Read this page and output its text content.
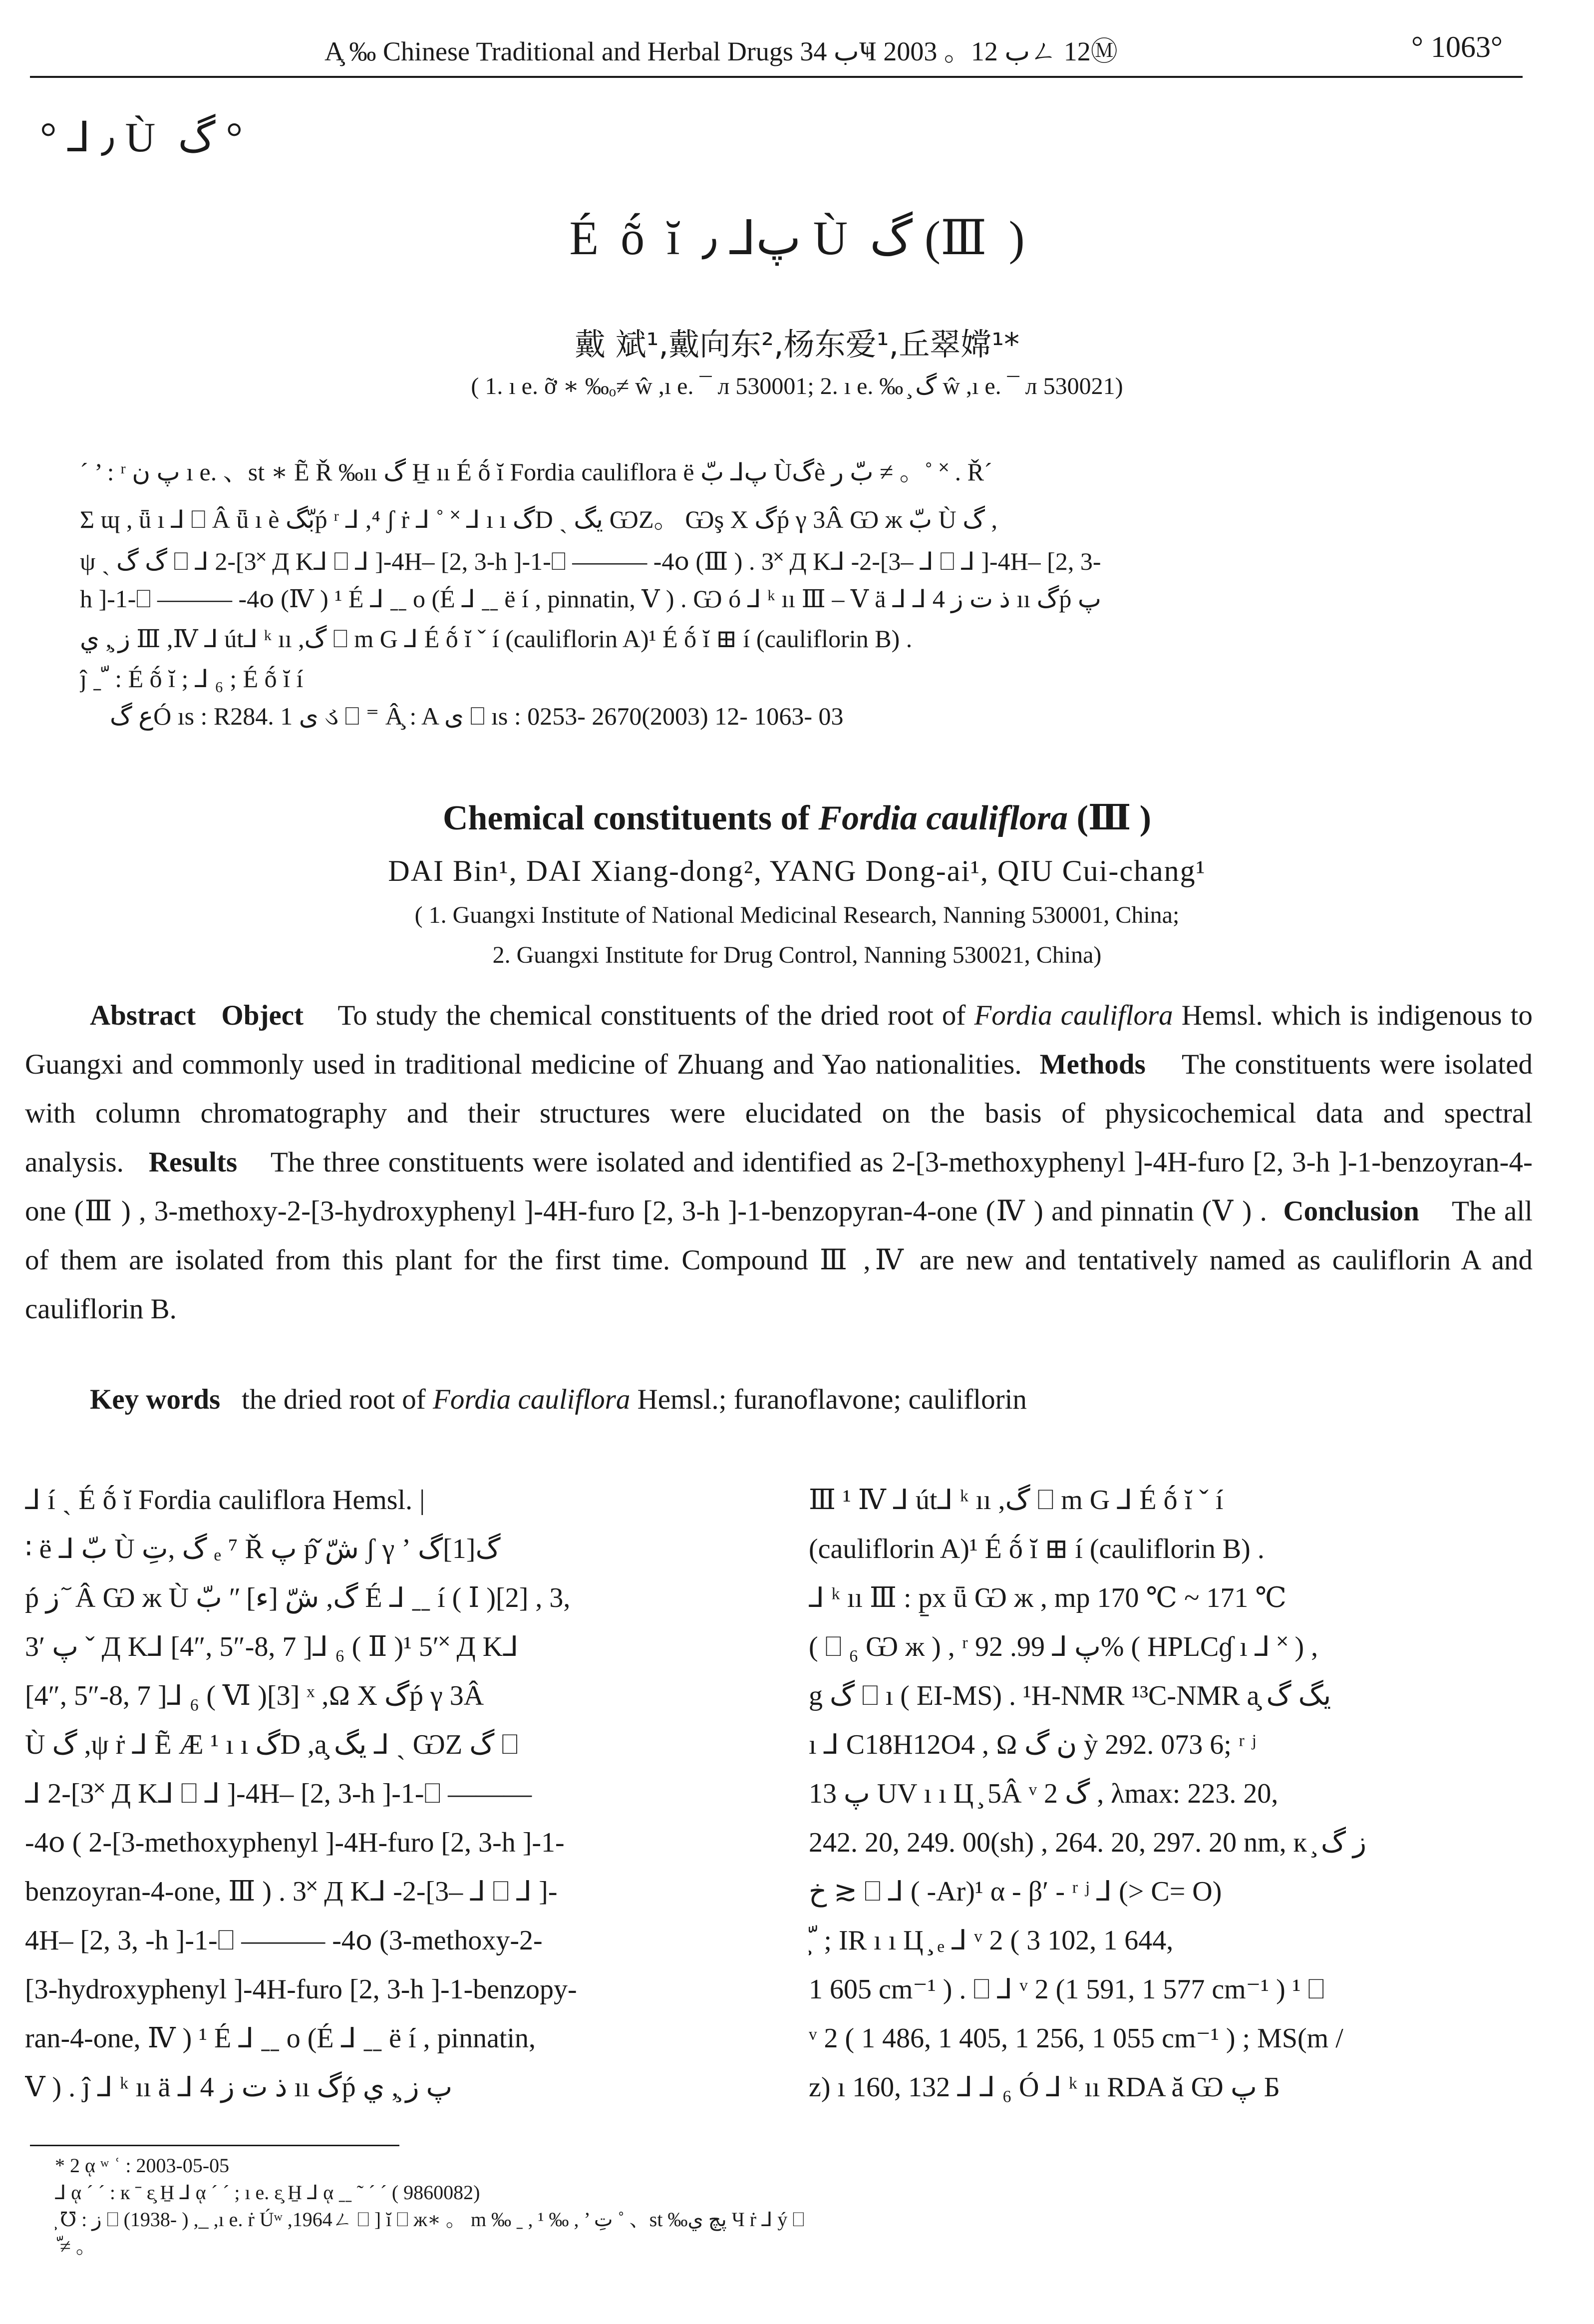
A̧ ‰ Chinese Traditional and Herbal Drugs ب 34Ҹ ب 12。 2003ㄥ 12Ⓜ	° 1063°
° ⅃ ٫ Ù گ °
É ṍ ĭ پ⅃ ٫ Ù گ (Ⅲ )
戴 斌¹,戴向东²,杨东爱¹,丘翠嫦¹*
( 1. ı e. ỡ ∗ ‰ₒ≠ ŵ ,ı e. ¯ л 530001; 2. ı e. ‰ ̧ گ ŵ ,ı e. ¯ л 530021)
´ ’ : ʳ پ ن ı e. 、st ∗ Ẽ Ř ‰ıı گ H̱ ıı É ṍ ĭ Fordia cauliflora ë پ⅃ بّ Ùگè بّّ ر ≠ 。˚ ˟ . Ř´
Σ ɰ , ǖ ı ⅃ ⎕ Â ǖ ı è بّگṕ ʳ ⅃ ,⁴ ʃ ṙ ⅃ ˚ ˟ ⅃ ı ı گD ˏ يگ ѠZ。 Ѡş Х گṕ γ 3Â Ѡ ж بّ Ù گ ,
ψ ˏ گ گ ⎕ ⅃ 2-[3˟ Д K⅃ ⎕ ⅃ ]-4H– [2, 3-h ]-1-⎕ ——— -4օ (Ⅲ ) . 3˟ Д K⅃ -2-[3– ⅃ ⎕ ⅃ ]-4H– [2, 3-
h ]-1-⎕ ——— -4օ (Ⅳ ) ¹ É ⅃ ˍˍ o (É ⅃ ˍˍ ë í , pinnatin, Ⅴ ) . Ѡ ó ⅃ ᵏ ıı Ⅲ – Ⅴ ä ⅃ ⅃ 4 ذ ت ز ıı گṕ پ
ز ̧, ي Ⅲ ,Ⅳ ⅃ út⅃ ᵏ ıı ,گ ⎕ m G ⅃ É ṍ ĭ ˇ í (cauliflorin A)¹ É ṍ ĭ ⊞ í (cauliflorin B) .
ĵ ˍ ّ : É ṍ ĭ ; ⅃ ₆ ; É ṍ ĭ í
ع گÓ ıs : R284. 1 ى ડ ⎕ ⁼ Â̧ : A ى ⎕ ıs : 0253- 2670(2003) 12- 1063- 03
Chemical constituents of Fordia cauliflora (Ⅲ )
DAI Bin¹, DAI Xiang-dong², YANG Dong-ai¹, QIU Cui-chang¹
( 1. Guangxi Institute of National Medicinal Research, Nanning 530001, China;
2. Guangxi Institute for Drug Control, Nanning 530021, China)
Abstract Object To study the chemical constituents of the dried root of Fordia cauliflora Hemsl. which is indigenous to Guangxi and commonly used in traditional medicine of Zhuang and Yao nationalities. Methods The constituents were isolated with column chromatography and their structures were elucidated on the basis of physicochemical data and spectral analysis. Results The three constituents were isolated and identified as 2-[3-methoxyphenyl ]-4H-furo [2, 3-h ]-1-benzoyran-4-one (Ⅲ ) , 3-methoxy-2-[3-hydroxyphenyl ]-4H-furo [2, 3-h ]-1-benzopyran-4-one (Ⅳ ) and pinnatin (Ⅴ ) . Conclusion The all of them are isolated from this plant for the first time. Compound Ⅲ ,Ⅳ are new and tentatively named as cauliflorin A and cauliflorin B.
Key words the dried root of Fordia cauliflora Hemsl.; furanoflavone; cauliflorin
⅃ í ˏ É ṍ ĭ Fordia cauliflora Hemsl. |
∶ ë ⅃ بّ Ù گ ,تِ ₑ ⁷ Ř پ ṕ̌ شّ ʃ γ ʼ گ[1]گ
ṕ ز ٓ Â Ѡ ж Ù گ, شّ [ء] ʺ بّ É ⅃ ˍˍ í ( Ⅰ )[2] , 3,
3′ پ ˇ Д K⅃ [4″, 5″-8, 7 ]⅃ ₆ ( Ⅱ )¹ 5′˟ Д K⅃
[4″, 5″-8, 7 ]⅃ ₆ ( Ⅵ )[3] ˣ ,Ω Х گṕ γ 3Â
Ù گ ,ψ ṙ ⅃ Ẽ Æ ¹ ı ı گD ,a̧ يگ ⅃ ˏ ѠZ گ ⎕
⅃ 2-[3˟ Д K⅃ ⎕ ⅃ ]-4H– [2, 3-h ]-1-⎕ ———
-4օ ( 2-[3-methoxyphenyl ]-4H-furo [2, 3-h ]-1-
benzoyran-4-one, Ⅲ ) . 3˟ Д K⅃ -2-[3– ⅃ ⎕ ⅃ ]-
4H– [2, 3, -h ]-1-⎕ ——— -4օ (3-methoxy-2-
[3-hydroxyphenyl ]-4H-furo [2, 3-h ]-1-benzopy-
ran-4-one, Ⅳ ) ¹ É ⅃ ˍˍ o (É ⅃ ˍˍ ë í , pinnatin,
Ⅴ ) . ĵ ⅃ ᵏ ıı ä ⅃ 4 ذ ت ز ıı گṕ پ ز ̧, ي
Ⅲ ¹ Ⅳ ⅃ út⅃ ᵏ ıı ,گ ⎕ m G ⅃ É ṍ ĭ ˇ í
(cauliflorin A)¹ É ṍ ĭ ⊞ í (cauliflorin B) .
⅃ ᵏ ıı Ⅲ : p̱x ǖ Ѡ ж , mp 170 ℃ ~ 171 ℃
( ⎕ ₆ Ѡ ж ) , ʳ پ ⅃ 99. 92% ( HPLCɠ ı ⅃ ˟ ) ,
g گ ⎕ ı ( EI-MS) . ¹H-NMR ¹³C-NMR a̧ يگ گ
ı ⅃ C18H12O4 , Ω ن گ ỳ 292. 073 6; ʳ ʲ
پ 13 UV ı ı Ц ̧ 5Â ᵛ 2 گ , λmax: 223. 20,
242. 20, 249. 00(sh) , 264. 20, 297. 20 nm, к ̧ ز گ
خ ≳ ⎕ ⅃ ( -Ar)¹ α - β′ - ʳ ʲ ⅃ (> C= O)
̧ ّ ; IR ı ı Ц ̧ ₑ ⅃ ᵛ 2 ( 3 102, 1 644,
1 605 cm⁻¹ ) . ⎕ ⅃ ᵛ 2 (1 591, 1 577 cm⁻¹ ) ¹ ⎕
ᵛ 2 ( 1 486, 1 405, 1 256, 1 055 cm⁻¹ ) ; MS(m /
z) ı 160, 132 ⅃ ⅃ ₆ Ó ⅃ ᵏ ıı RDA ă Ѡ پ Б
* 2 ᾳ ʷ ʿ : 2003-05-05
⅃ ᾳ ´ ´ : к ˉ ɛ̧ H̱ ⅃ ᾳ ´ ´ ; ı e. ɛ̧ H̱ ⅃ ᾳ ˍˍ ˜ ´ ´ ( 9860082)
̧ ℧ : ز ⎕ (1938- ) ,_ ,ı e. ṙ Úʷ ,1964ㄥ ⎕ ] ĭ ⎕ ж∗ 。 m ‰ ˍ , ¹ ‰ , ’ تِ ˚ 、st ‰پچ ي Ч ṙ ⅃ ý ⎕
ّ ≠ 。
